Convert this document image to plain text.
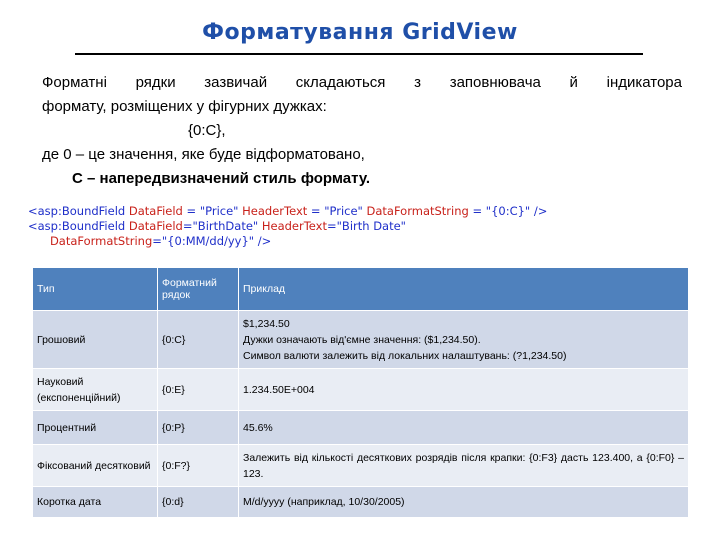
Форматування GridView
Форматні рядки зазвичай складаються з заповнювача й індикатора
формату, розміщених у фігурних дужках:
{0:C},
де 0 – це значення, яке буде відформатовано,
С – напередвизначений стиль формату.
<asp:BoundField DataField = "Price" HeaderText = "Price" DataFormatString = "{0:C}" />
<asp:BoundField DataField="BirthDate" HeaderText="Birth Date"
DataFormatString="{0:MM/dd/yy}" />
Тип	Форматний рядок	Приклад
Грошовий	{0:C}	$1,234.50
Дужки означають від'ємне значення: ($1,234.50).
Символ валюти залежить від локальних налаштувань: (?1,234.50)

Науковий (експоненційний)	{0:E}	1.234.50E+004
Процентний	{0:P}	45.6%
Фіксований десятковий	{0:F?}	Залежить від кількості десяткових розрядів після крапки: {0:F3} дасть 123.400, а {0:F0} – 123.
Коротка дата	{0:d}	M/d/yyyy (наприклад, 10/30/2005)
